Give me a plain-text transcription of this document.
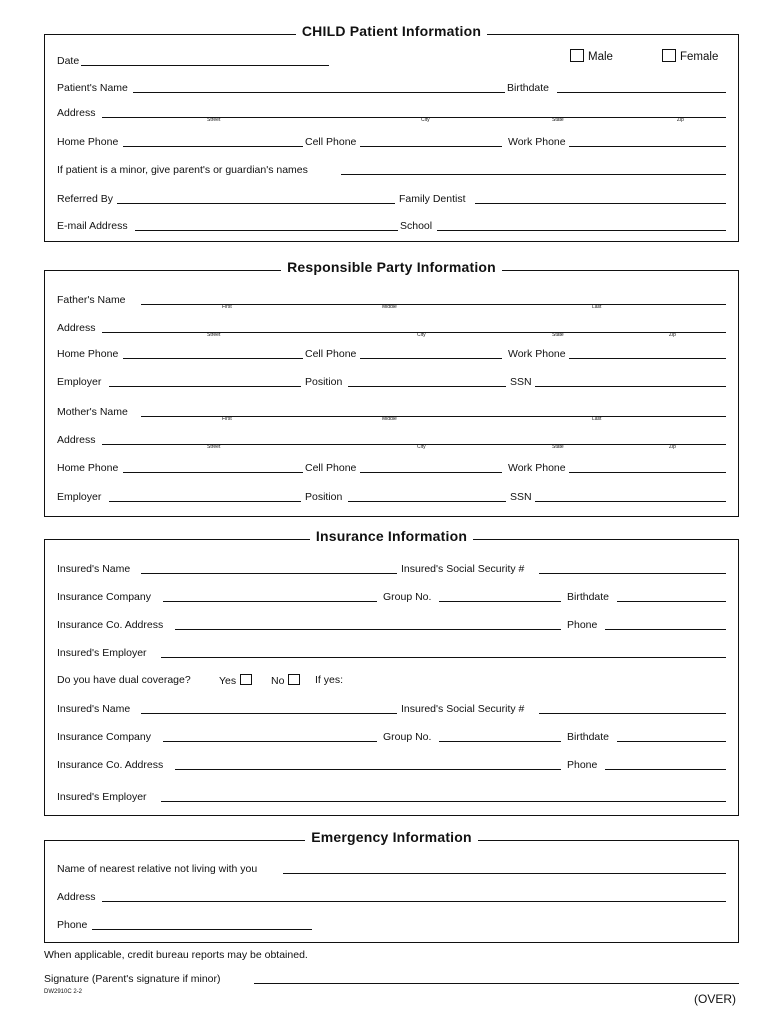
CHILD Patient Information
Date	Male	Female
Patient's Name	Birthdate
Address
Street	City	State	Zip
Home Phone	Cell Phone	Work Phone
If patient is a minor, give parent's or guardian's names
Referred By	Family Dentist
E-mail Address	School
Responsible Party Information
Father's Name
First	Middle	Last
Address
Street	City	State	Zip
Home Phone	Cell Phone	Work Phone
Employer	Position	SSN
Mother's Name
First	Middle	Last
Address
Street	City	State	Zip
Home Phone	Cell Phone	Work Phone
Employer	Position	SSN
Insurance Information
Insured's Name	Insured's Social Security #
Insurance Company	Group No.	Birthdate
Insurance Co. Address	Phone
Insured's Employer
Do you have dual coverage?	Yes	No	If yes:
Insured's Name	Insured's Social Security #
Insurance Company	Group No.	Birthdate
Insurance Co. Address	Phone
Insured's Employer
Emergency Information
Name of nearest relative not living with you
Address
Phone
When applicable, credit bureau reports may be obtained.
Signature (Parent's signature if minor)
DW2910C 2-2	(OVER)
